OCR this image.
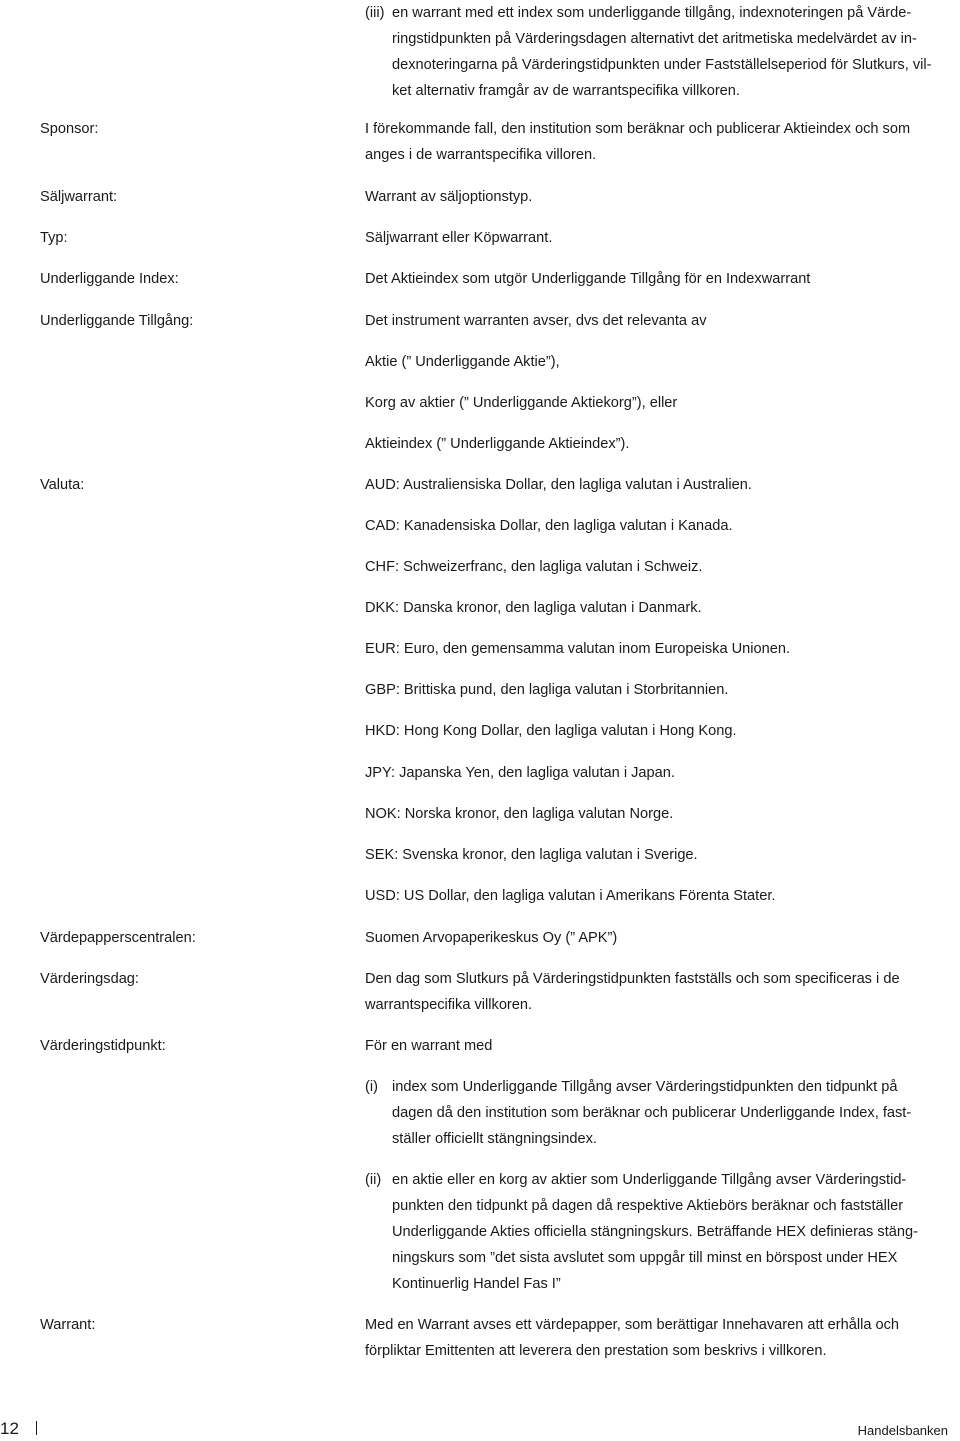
(iii) en warrant med ett index som underliggande tillgång, indexnoteringen på Värde-
ringstidpunkten på Värderingsdagen alternativt det aritmetiska medelvärdet av in-
dexnoteringarna på Värderingstidpunkten under Fastställelseperiod för Slutkurs, vil-
ket alternativ framgår av de warrantspecifika villkoren.
Sponsor:	I förekommande fall, den institution som beräknar och publicerar Aktieindex och som
anges i de warrantspecifika villoren.
Säljwarrant:	Warrant av säljoptionstyp.
Typ:	Säljwarrant eller Köpwarrant.
Underliggande Index:	Det Aktieindex som utgör Underliggande Tillgång för en Indexwarrant
Underliggande Tillgång:	Det instrument warranten avser, dvs det relevanta av
Aktie (” Underliggande Aktie”),
Korg av aktier (” Underliggande Aktiekorg”), eller
Aktieindex (” Underliggande Aktieindex”).
Valuta:	AUD: Australiensiska Dollar, den lagliga valutan i Australien.
CAD: Kanadensiska Dollar, den lagliga valutan i Kanada.
CHF: Schweizerfranc, den lagliga valutan i Schweiz.
DKK: Danska kronor, den lagliga valutan i Danmark.
EUR: Euro, den gemensamma valutan inom Europeiska Unionen.
GBP: Brittiska pund, den lagliga valutan i Storbritannien.
HKD: Hong Kong Dollar, den lagliga valutan i Hong Kong.
JPY: Japanska Yen, den lagliga valutan i Japan.
NOK: Norska kronor, den lagliga valutan Norge.
SEK: Svenska kronor, den lagliga valutan i Sverige.
USD: US Dollar, den lagliga valutan i Amerikans Förenta Stater.
Värdepapperscentralen:	Suomen Arvopaperikeskus Oy (” APK”)
Värderingsdag:	Den dag som Slutkurs på Värderingstidpunkten fastställs och som specificeras i de
warrantspecifika villkoren.
Värderingstidpunkt:	För en warrant med
(i) index som Underliggande Tillgång avser Värderingstidpunkten den tidpunkt på
dagen då den institution som beräknar och publicerar Underliggande Index, fast-
ställer officiellt stängningsindex.
(ii) en aktie eller en korg av aktier som Underliggande Tillgång avser Värderingstid-
punkten den tidpunkt på dagen då respektive Aktiebörs beräknar och fastställer
Underliggande Akties officiella stängningskurs. Beträffande HEX definieras stäng-
ningskurs som ”det sista avslutet som uppgår till minst en börspost under HEX
Kontinuerlig Handel Fas I”
Warrant:	Med en Warrant avses ett värdepapper, som berättigar Innehavaren att erhålla och
förpliktar Emittenten att leverera den prestation som beskrivs i villkoren.
12	Handelsbanken
